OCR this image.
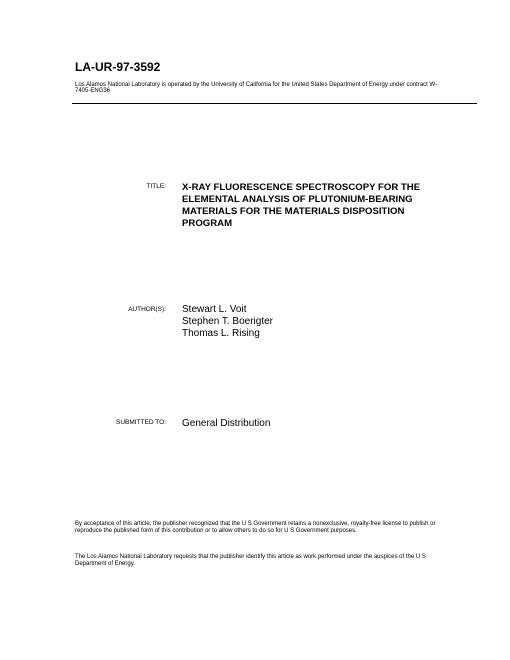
LA-UR-97-3592
Los Alamos National Laboratory is operated by the University of California for the United States Department of Energy under contract W-7405-ENG36
TITLE: X-RAY FLUORESCENCE SPECTROSCOPY FOR THE ELEMENTAL ANALYSIS OF PLUTONIUM-BEARING MATERIALS FOR THE MATERIALS DISPOSITION PROGRAM
AUTHOR(S): Stewart L. Voit
Stephen T. Boerigter
Thomas L. Rising
SUBMITTED TO: General Distribution
By acceptance of this article, the publisher recognized that the U S Government retains a nonexclusive, royalty-free license to publish or reproduce the published form of this contribution or to allow others to do so for U S Government purposes.
The Los Alamos National Laboratory requests that the publisher identify this article as work performed under the auspices of the U S Department of Energy.
